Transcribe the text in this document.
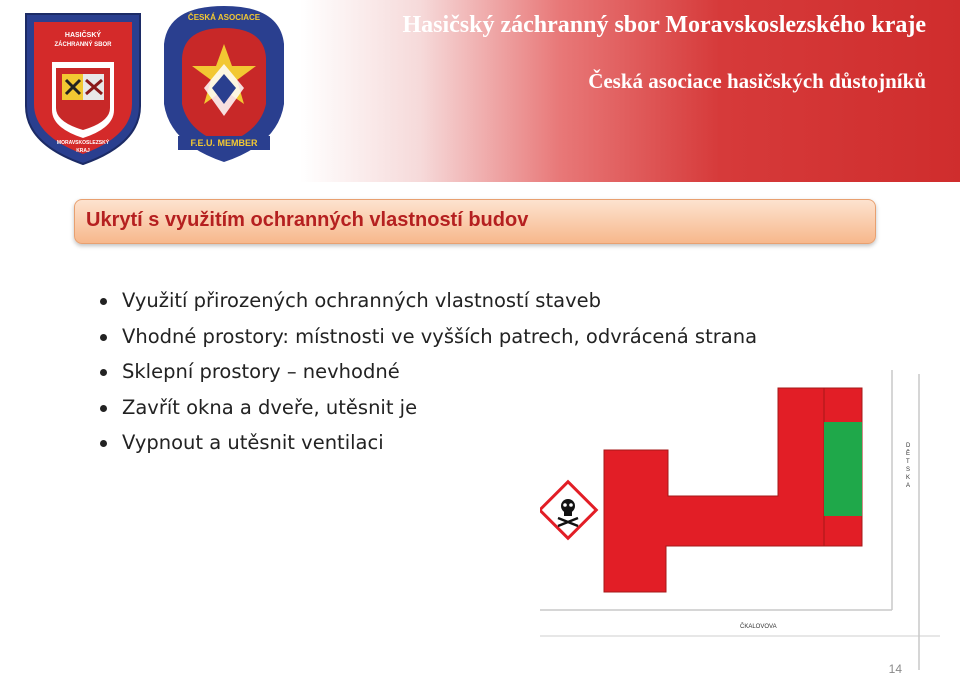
HASIČSKÝ
ZÁCHRANNÝ SBOR
MORAVSKOSLEZSKÝ
KRAJ
F.E.U. MEMBER
ČESKÁ ASOCIACE	Hasičský záchranný sbor Moravskoslezského kraje

Česká asociace hasičských důstojníků

Ukrytí s využitím ochranných vlastností budov

Využití přirozených ochranných vlastností staveb
Vhodné prostory: místnosti ve vyšších patrech, odvrácená strana
Sklepní prostory – nevhodné
Zavřít okna a dveře, utěsnit je
Vypnout a utěsnit ventilaci	D
Ě
T
S
K
A
ČKALOVOVA

14
